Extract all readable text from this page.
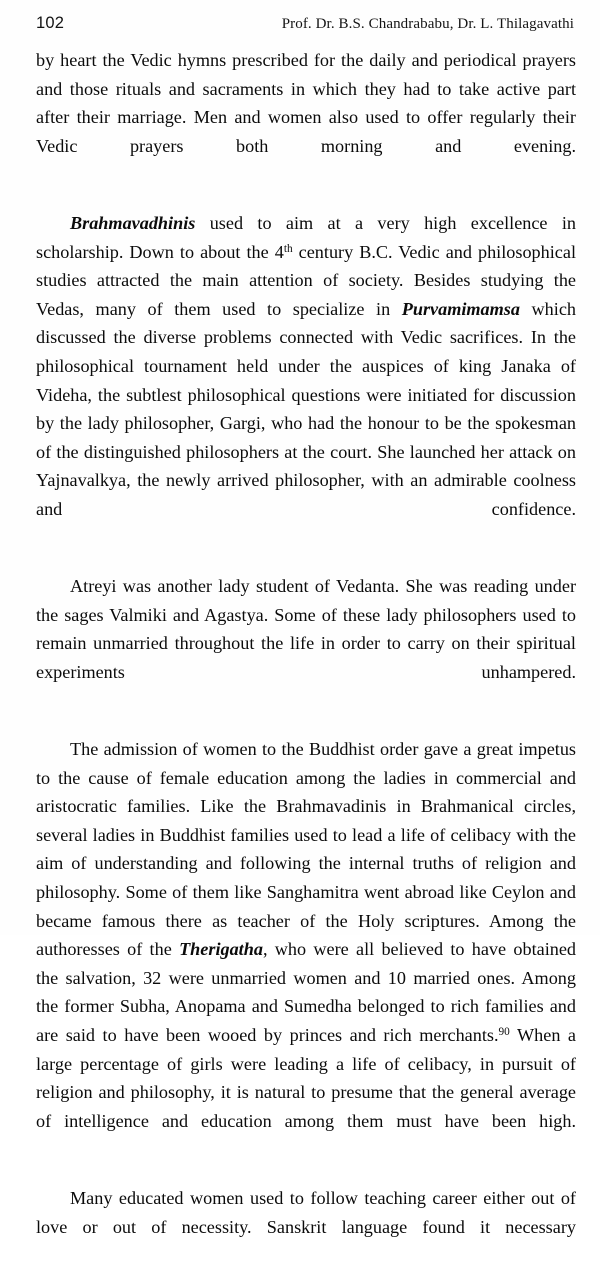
102	Prof. Dr. B.S. Chandrababu, Dr. L. Thilagavathi

by heart the Vedic hymns prescribed for the daily and periodical prayers and those rituals and sacraments in which they had to take active part after their marriage. Men and women also used to offer regularly their Vedic prayers both morning and evening.

Brahmavadhinis used to aim at a very high excellence in scholarship. Down to about the 4th century B.C. Vedic and philosophical studies attracted the main attention of society. Besides studying the Vedas, many of them used to specialize in Purvamimamsa which discussed the diverse problems connected with Vedic sacrifices. In the philosophical tournament held under the auspices of king Janaka of Videha, the subtlest philosophical questions were initiated for discussion by the lady philosopher, Gargi, who had the honour to be the spokesman of the distinguished philosophers at the court. She launched her attack on Yajnavalkya, the newly arrived philosopher, with an admirable coolness and confidence.

Atreyi was another lady student of Vedanta. She was reading under the sages Valmiki and Agastya. Some of these lady philosophers used to remain unmarried throughout the life in order to carry on their spiritual experiments unhampered.

The admission of women to the Buddhist order gave a great impetus to the cause of female education among the ladies in commercial and aristocratic families. Like the Brahmavadinis in Brahmanical circles, several ladies in Buddhist families used to lead a life of celibacy with the aim of understanding and following the internal truths of religion and philosophy. Some of them like Sanghamitra went abroad like Ceylon and became famous there as teacher of the Holy scriptures. Among the authoresses of the Therigatha, who were all believed to have obtained the salvation, 32 were unmarried women and 10 married ones. Among the former Subha, Anopama and Sumedha belonged to rich families and are said to have been wooed by princes and rich merchants.$^{90}$ When a large percentage of girls were leading a life of celibacy, in pursuit of religion and philosophy, it is natural to presume that the general average of intelligence and education among them must have been high.

Many educated women used to follow teaching career either out of love or out of necessity. Sanskrit language found it necessary
